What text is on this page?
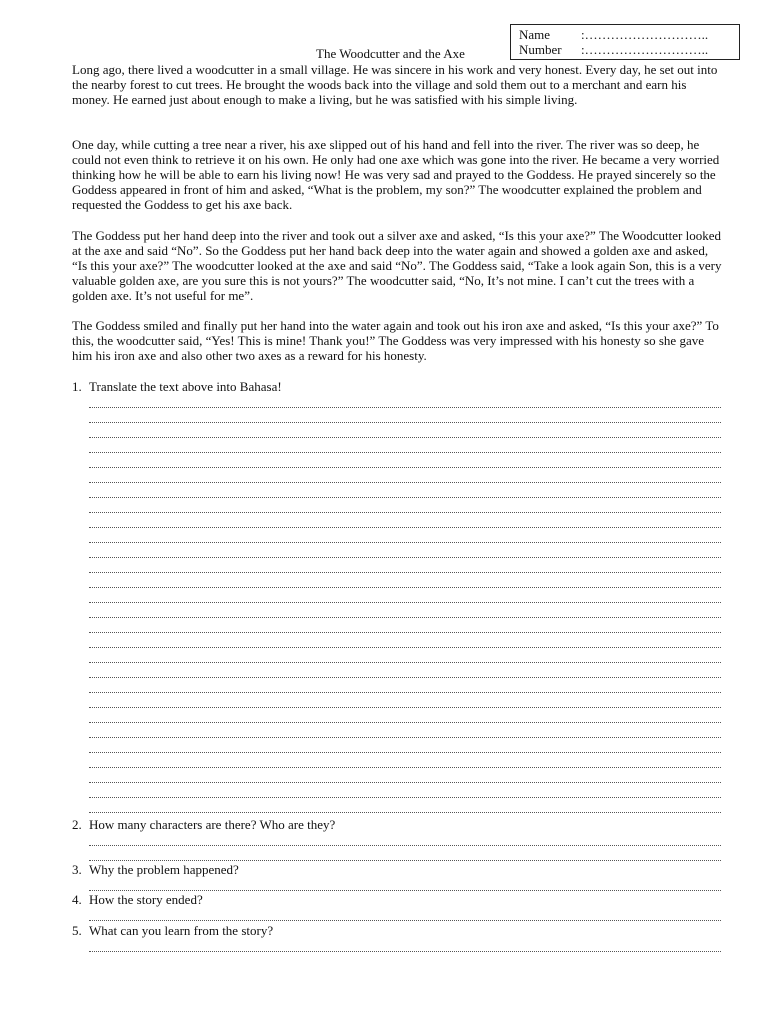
Name	:………………………..
Number	:………………………..
The Woodcutter and the Axe

Long ago, there lived a woodcutter in a small village. He was sincere in his work and very honest. Every day, he set out into the nearby forest to cut trees. He brought the woods back into the village and sold them out to a merchant and earn his money. He earned just about enough to make a living, but he was satisfied with his simple living.

One day, while cutting a tree near a river, his axe slipped out of his hand and fell into the river. The river was so deep, he could not even think to retrieve it on his own. He only had one axe which was gone into the river. He became a very worried thinking how he will be able to earn his living now! He was very sad and prayed to the Goddess. He prayed sincerely so the Goddess appeared in front of him and asked, “What is the problem, my son?” The woodcutter explained the problem and requested the Goddess to get his axe back.

The Goddess put her hand deep into the river and took out a silver axe and asked, “Is this your axe?” The Woodcutter looked at the axe and said “No”. So the Goddess put her hand back deep into the water again and showed a golden axe and asked, “Is this your axe?” The woodcutter looked at the axe and said “No”. The Goddess said, “Take a look again Son, this is a very valuable golden axe, are you sure this is not yours?” The woodcutter said, “No, It’s not mine. I can’t cut the trees with a golden axe. It’s not useful for me”.

The Goddess smiled and finally put her hand into the water again and took out his iron axe and asked, “Is this your axe?” To this, the woodcutter said, “Yes! This is mine! Thank you!” The Goddess was very impressed with his honesty so she gave him his iron axe and also other two axes as a reward for his honesty.

1. Translate the text above into Bahasa!
2. How many characters are there? Who are they?
3. Why the problem happened?
4. How the story ended?
5. What can you learn from the story?
